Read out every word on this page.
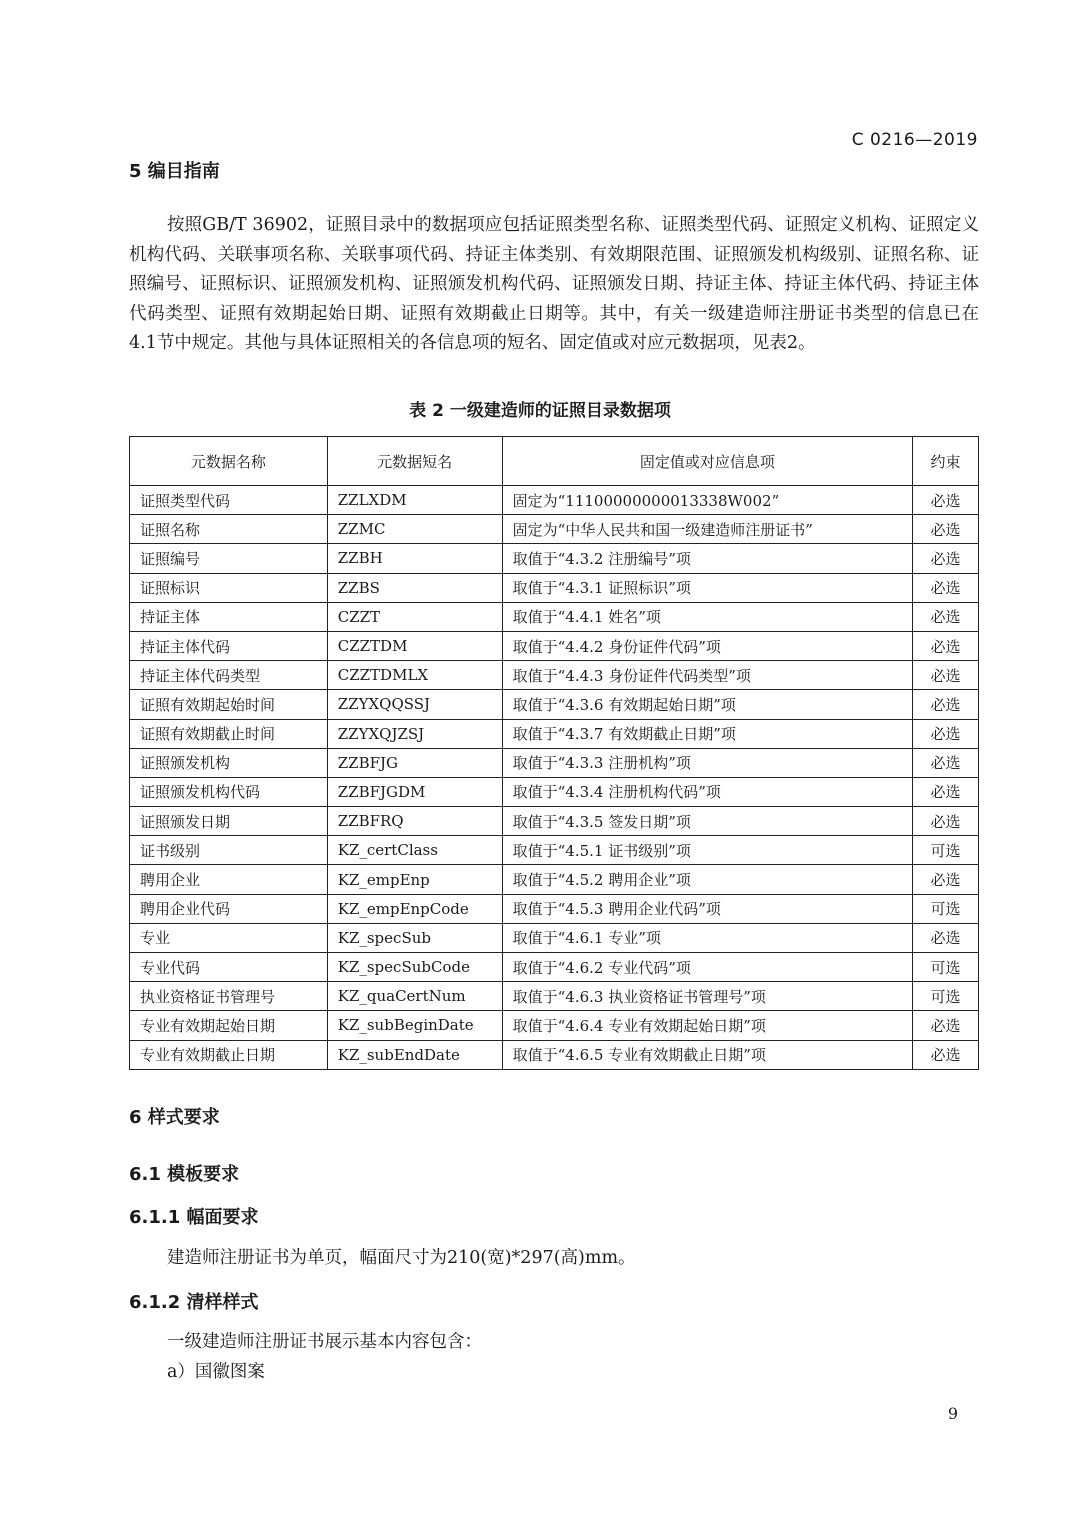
C 0216—2019
5 编目指南
按照GB/T 36902，证照目录中的数据项应包括证照类型名称、证照类型代码、证照定义机构、证照定义机构代码、关联事项名称、关联事项代码、持证主体类别、有效期限范围、证照颁发机构级别、证照名称、证照编号、证照标识、证照颁发机构、证照颁发机构代码、证照颁发日期、持证主体、持证主体代码、持证主体代码类型、证照有效期起始日期、证照有效期截止日期等。其中，有关一级建造师注册证书类型的信息已在4.1节中规定。其他与具体证照相关的各信息项的短名、固定值或对应元数据项，见表2。
表 2 一级建造师的证照目录数据项
元数据名称	元数据短名	固定值或对应信息项	约束
证照类型代码	ZZLXDM	固定为“11100000000013338W002”	必选
证照名称	ZZMC	固定为“中华人民共和国一级建造师注册证书”	必选
证照编号	ZZBH	取值于“4.3.2 注册编号”项	必选
证照标识	ZZBS	取值于“4.3.1 证照标识”项	必选
持证主体	CZZT	取值于“4.4.1 姓名”项	必选
持证主体代码	CZZTDM	取值于“4.4.2 身份证件代码”项	必选
持证主体代码类型	CZZTDMLX	取值于“4.4.3 身份证件代码类型”项	必选
证照有效期起始时间	ZZYXQQSSJ	取值于“4.3.6 有效期起始日期”项	必选
证照有效期截止时间	ZZYXQJZSJ	取值于“4.3.7 有效期截止日期”项	必选
证照颁发机构	ZZBFJG	取值于“4.3.3 注册机构”项	必选
证照颁发机构代码	ZZBFJGDM	取值于“4.3.4 注册机构代码”项	必选
证照颁发日期	ZZBFRQ	取值于“4.3.5 签发日期”项	必选
证书级别	KZ_certClass	取值于“4.5.1 证书级别”项	可选
聘用企业	KZ_empEnp	取值于“4.5.2 聘用企业”项	必选
聘用企业代码	KZ_empEnpCode	取值于“4.5.3 聘用企业代码”项	可选
专业	KZ_specSub	取值于“4.6.1 专业”项	必选
专业代码	KZ_specSubCode	取值于“4.6.2 专业代码”项	可选
执业资格证书管理号	KZ_quaCertNum	取值于“4.6.3 执业资格证书管理号”项	可选
专业有效期起始日期	KZ_subBeginDate	取值于“4.6.4 专业有效期起始日期”项	必选
专业有效期截止日期	KZ_subEndDate	取值于“4.6.5 专业有效期截止日期”项	必选
6 样式要求
6.1 模板要求
6.1.1 幅面要求
建造师注册证书为单页，幅面尺寸为210(宽)*297(高)mm。
6.1.2 清样样式
一级建造师注册证书展示基本内容包含：
a）国徽图案
9
